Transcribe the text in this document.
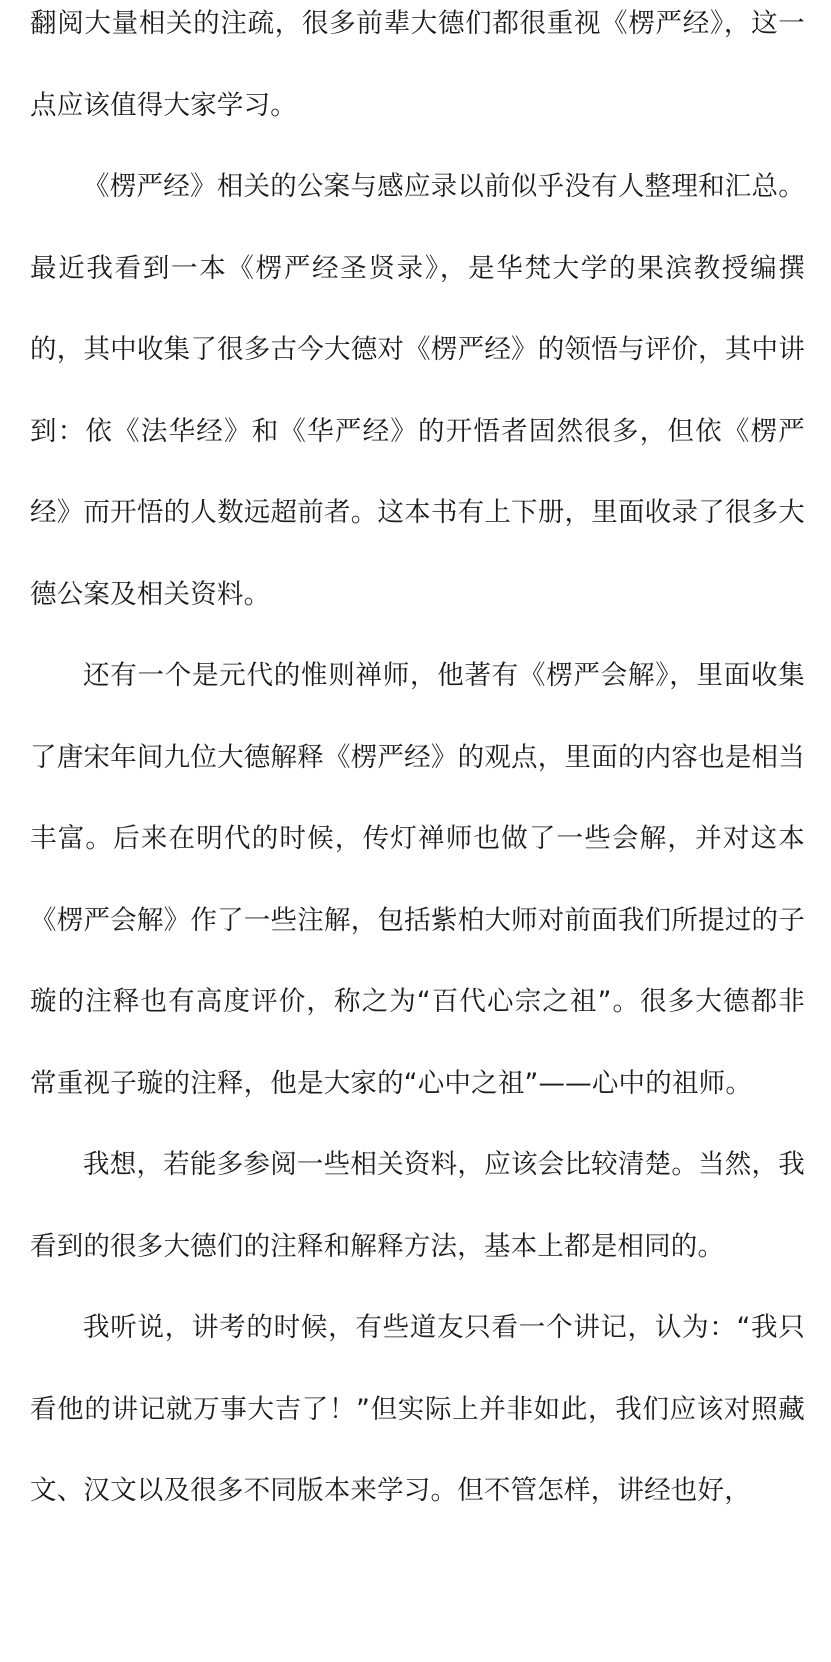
翻阅大量相关的注疏，很多前辈大德们都很重视《楞严经》，这一点应该值得大家学习。

《楞严经》相关的公案与感应录以前似乎没有人整理和汇总。最近我看到一本《楞严经圣贤录》，是华梵大学的果滨教授编撰的，其中收集了很多古今大德对《楞严经》的领悟与评价，其中讲到：依《法华经》和《华严经》的开悟者固然很多，但依《楞严经》而开悟的人数远超前者。这本书有上下册，里面收录了很多大德公案及相关资料。

还有一个是元代的惟则禅师，他著有《楞严会解》，里面收集了唐宋年间九位大德解释《楞严经》的观点，里面的内容也是相当丰富。后来在明代的时候，传灯禅师也做了一些会解，并对这本《楞严会解》作了一些注解，包括紫柏大师对前面我们所提过的子璇的注释也有高度评价，称之为“百代心宗之祖”。很多大德都非常重视子璇的注释，他是大家的“心中之祖”——心中的祖师。

我想，若能多参阅一些相关资料，应该会比较清楚。当然，我看到的很多大德们的注释和解释方法，基本上都是相同的。

我听说，讲考的时候，有些道友只看一个讲记，认为：“我只看他的讲记就万事大吉了！”但实际上并非如此，我们应该对照藏文、汉文以及很多不同版本来学习。但不管怎样，讲经也好，
